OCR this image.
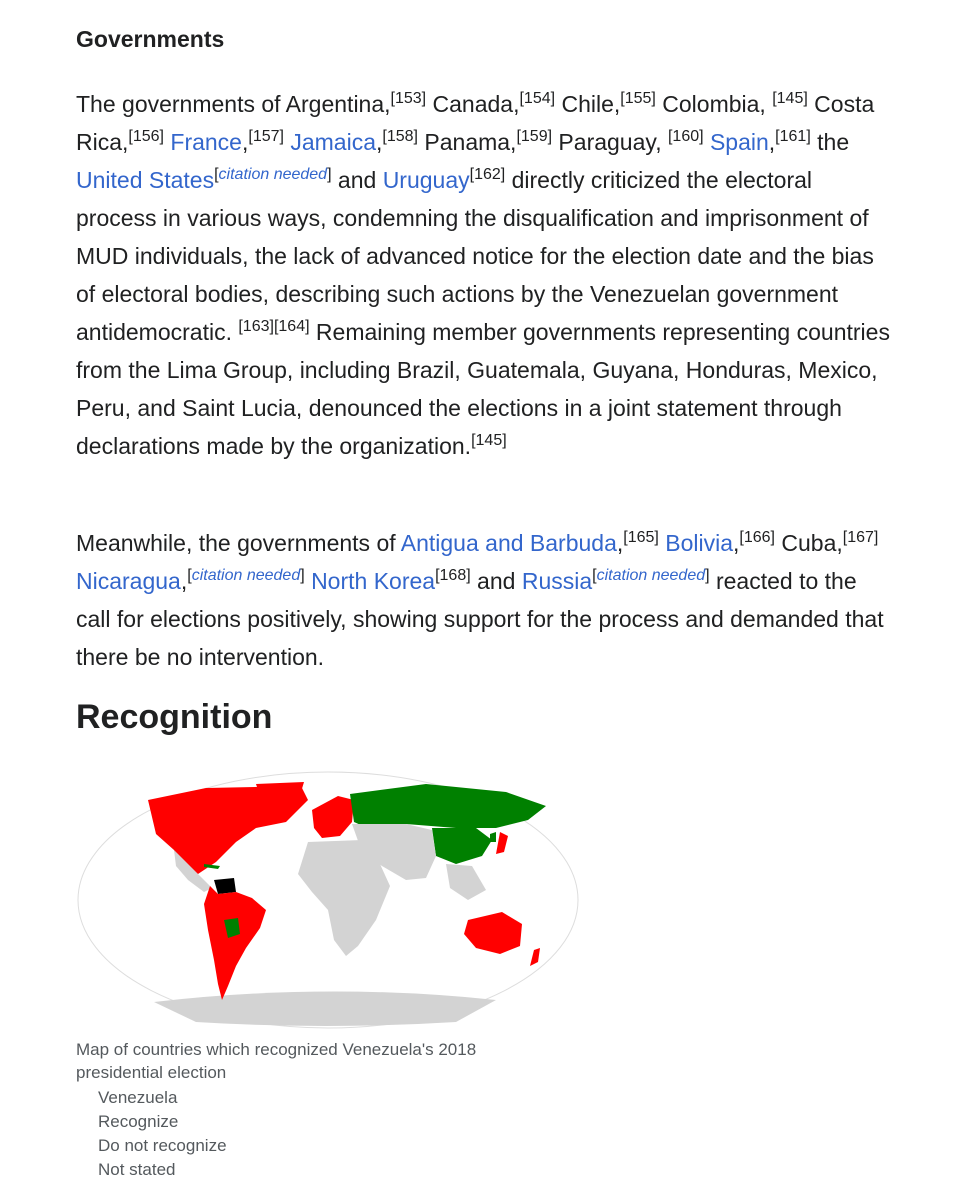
Governments

The governments of Argentina,[153] Canada,[154] Chile,[155] Colombia, [145] Costa Rica,[156] France,[157] Jamaica,[158] Panama,[159] Paraguay, [160] Spain,[161] the United States[citation needed] and Uruguay[162] directly criticized the electoral process in various ways, condemning the disqualification and imprisonment of MUD individuals, the lack of advanced notice for the election date and the bias of electoral bodies, describing such actions by the Venezuelan government antidemocratic. [163][164] Remaining member governments representing countries from the Lima Group, including Brazil, Guatemala, Guyana, Honduras, Mexico, Peru, and Saint Lucia, denounced the elections in a joint statement through declarations made by the organization.[145]

Meanwhile, the governments of Antigua and Barbuda,[165] Bolivia,[166] Cuba,[167] Nicaragua,[citation needed] North Korea[168] and Russia[citation needed] reacted to the call for elections positively, showing support for the process and demanded that there be no intervention.

Recognition
Map of countries which recognized Venezuela's 2018 presidential election
Venezuela
Recognize
Do not recognize
Not stated
